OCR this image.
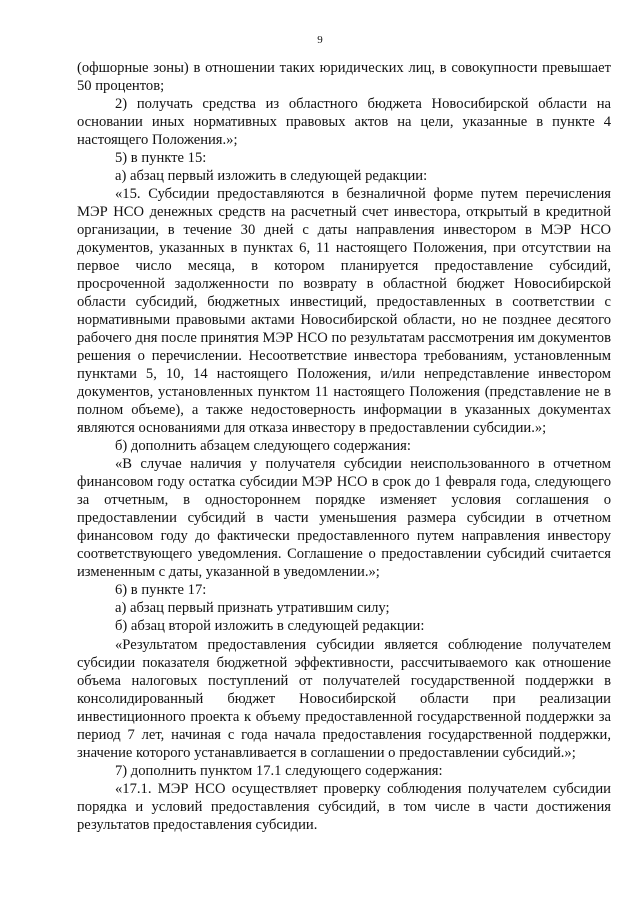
9

(офшорные зоны) в отношении таких юридических лиц, в совокупности превышает 50 процентов;

2) получать средства из областного бюджета Новосибирской области на основании иных нормативных правовых актов на цели, указанные в пункте 4 настоящего Положения.»;

5) в пункте 15:

а) абзац первый изложить в следующей редакции:

«15. Субсидии предоставляются в безналичной форме путем перечисления МЭР НСО денежных средств на расчетный счет инвестора, открытый в кредитной организации, в течение 30 дней с даты направления инвестором в МЭР НСО документов, указанных в пунктах 6, 11 настоящего Положения, при отсутствии на первое число месяца, в котором планируется предоставление субсидий, просроченной задолженности по возврату в областной бюджет Новосибирской области субсидий, бюджетных инвестиций, предоставленных в соответствии с нормативными правовыми актами Новосибирской области, но не позднее десятого рабочего дня после принятия МЭР НСО по результатам рассмотрения им документов решения о перечислении. Несоответствие инвестора требованиям, установленным пунктами 5, 10, 14 настоящего Положения, и/или непредставление инвестором документов, установленных пунктом 11 настоящего Положения (представление не в полном объеме), а также недостоверность информации в указанных документах являются основаниями для отказа инвестору в предоставлении субсидии.»;

б) дополнить абзацем следующего содержания:

«В случае наличия у получателя субсидии неиспользованного в отчетном финансовом году остатка субсидии МЭР НСО в срок до 1 февраля года, следующего за отчетным, в одностороннем порядке изменяет условия соглашения о предоставлении субсидий в части уменьшения размера субсидии в отчетном финансовом году до фактически предоставленного путем направления инвестору соответствующего уведомления. Соглашение о предоставлении субсидий считается измененным с даты, указанной в уведомлении.»;

6) в пункте 17:

а) абзац первый признать утратившим силу;

б) абзац второй изложить в следующей редакции:

«Результатом предоставления субсидии является соблюдение получателем субсидии показателя бюджетной эффективности, рассчитываемого как отношение объема налоговых поступлений от получателей государственной поддержки в консолидированный бюджет Новосибирской области при реализации инвестиционного проекта к объему предоставленной государственной поддержки за период 7 лет, начиная с года начала предоставления государственной поддержки, значение которого устанавливается в соглашении о предоставлении субсидий.»;

7) дополнить пунктом 17.1 следующего содержания:

«17.1. МЭР НСО осуществляет проверку соблюдения получателем субсидии порядка и условий предоставления субсидий, в том числе в части достижения результатов предоставления субсидии.
